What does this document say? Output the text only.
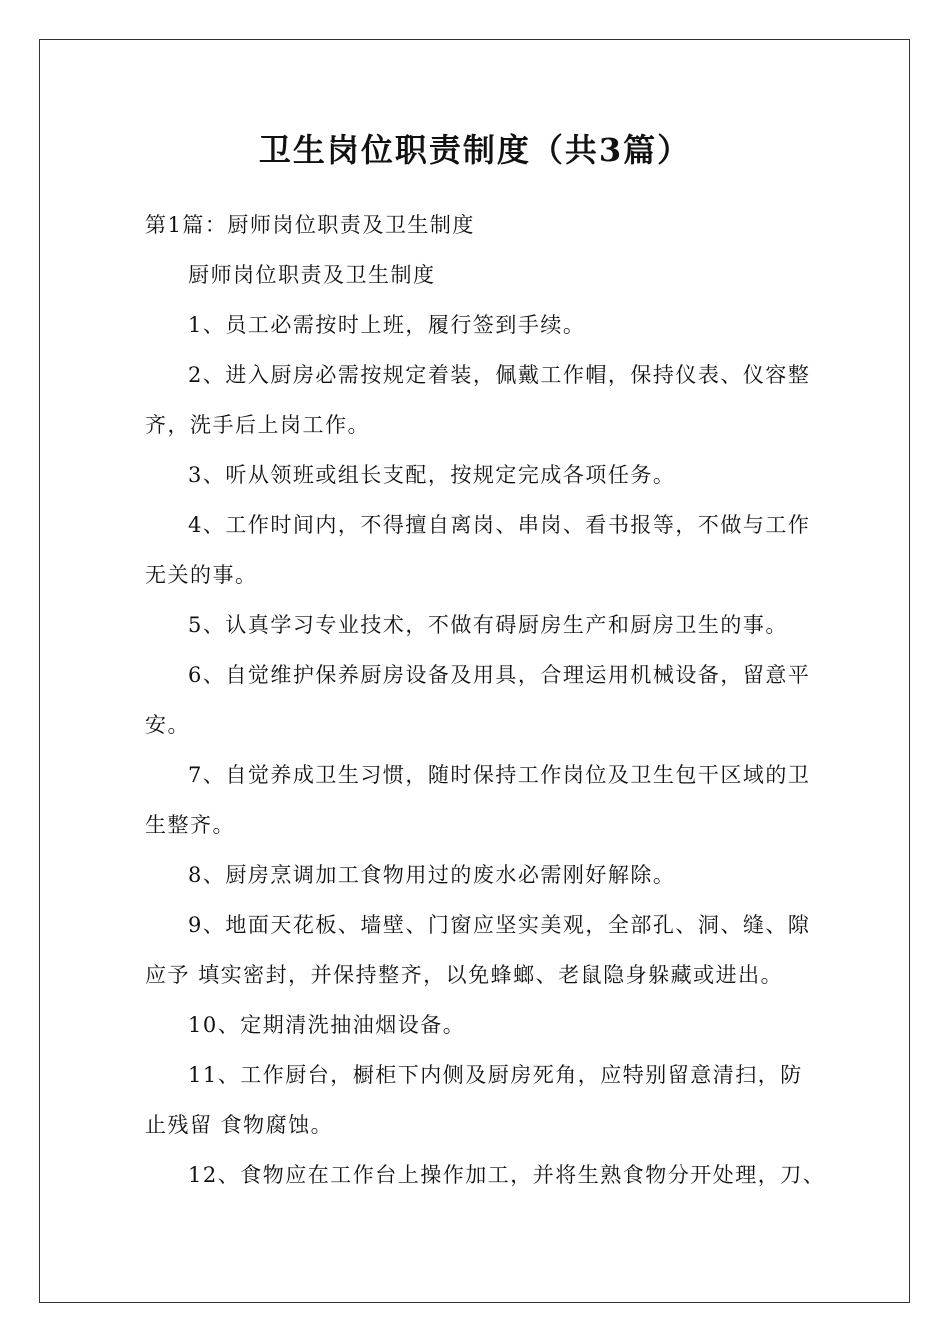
卫生岗位职责制度（共3篇）
第1篇：厨师岗位职责及卫生制度
厨师岗位职责及卫生制度
1、员工必需按时上班，履行签到手续。
2、进入厨房必需按规定着装，佩戴工作帽，保持仪表、仪容整
齐，洗手后上岗工作。
3、听从领班或组长支配，按规定完成各项任务。
4、工作时间内，不得擅自离岗、串岗、看书报等，不做与工作
无关的事。
5、认真学习专业技术，不做有碍厨房生产和厨房卫生的事。
6、自觉维护保养厨房设备及用具，合理运用机械设备，留意平
安。
7、自觉养成卫生习惯，随时保持工作岗位及卫生包干区域的卫
生整齐。
8、厨房烹调加工食物用过的废水必需刚好解除。
9、地面天花板、墙壁、门窗应坚实美观，全部孔、洞、缝、隙
应予 填实密封，并保持整齐，以免蜂螂、老鼠隐身躲藏或进出。
10、定期清洗抽油烟设备。
11、工作厨台，橱柜下内侧及厨房死角，应特别留意清扫，防
止残留 食物腐蚀。
12、食物应在工作台上操作加工，并将生熟食物分开处理，刀、
